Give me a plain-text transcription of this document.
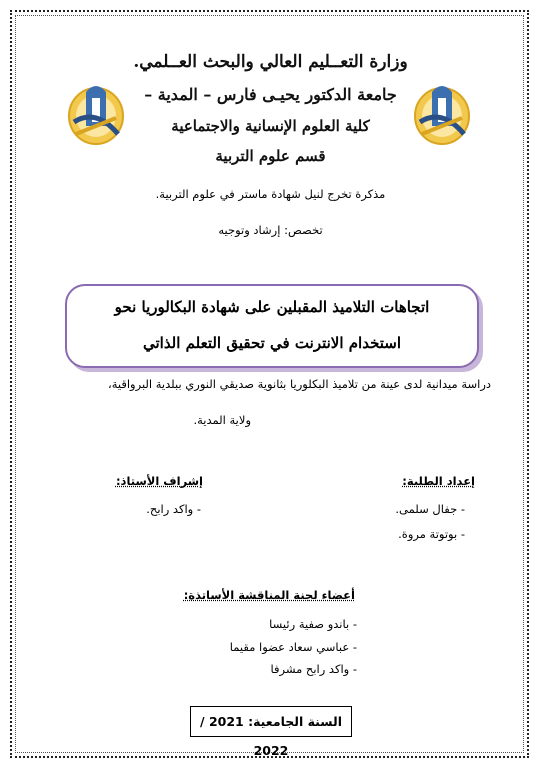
وزارة التعــليم العالي والبحث العــلمي.
جامعة الدكتور يحيـى فارس – المدية –
كلية العلوم الإنسانية والاجتماعية
قسم علوم التربية
مذكرة تخرج لنيل شهادة ماستر في علوم التربية.
تخصص: إرشاد وتوجيه
اتجاهات التلاميذ المقبلين على شهادة البكالوريا نحو
استخدام الانترنت في تحقيق التعلم الذاتي
دراسة ميدانية لدى عينة من تلاميذ البكلوريا بثانوية صديقي النوري ببلدية البرواقية،
ولاية المدية.
إعداد الطلبة:
إشراف الأستاذ:
- جفال سلمى.
- بوتوتة مروة.
- واكد رابح.
أعضاء لجنة المناقشة الأساتذة:
- باندو صفية رئيسا
- عباسي سعاد عضوا مقيما
- واكد رابح مشرفا
السنة الجامعية: 2021 / 2022
